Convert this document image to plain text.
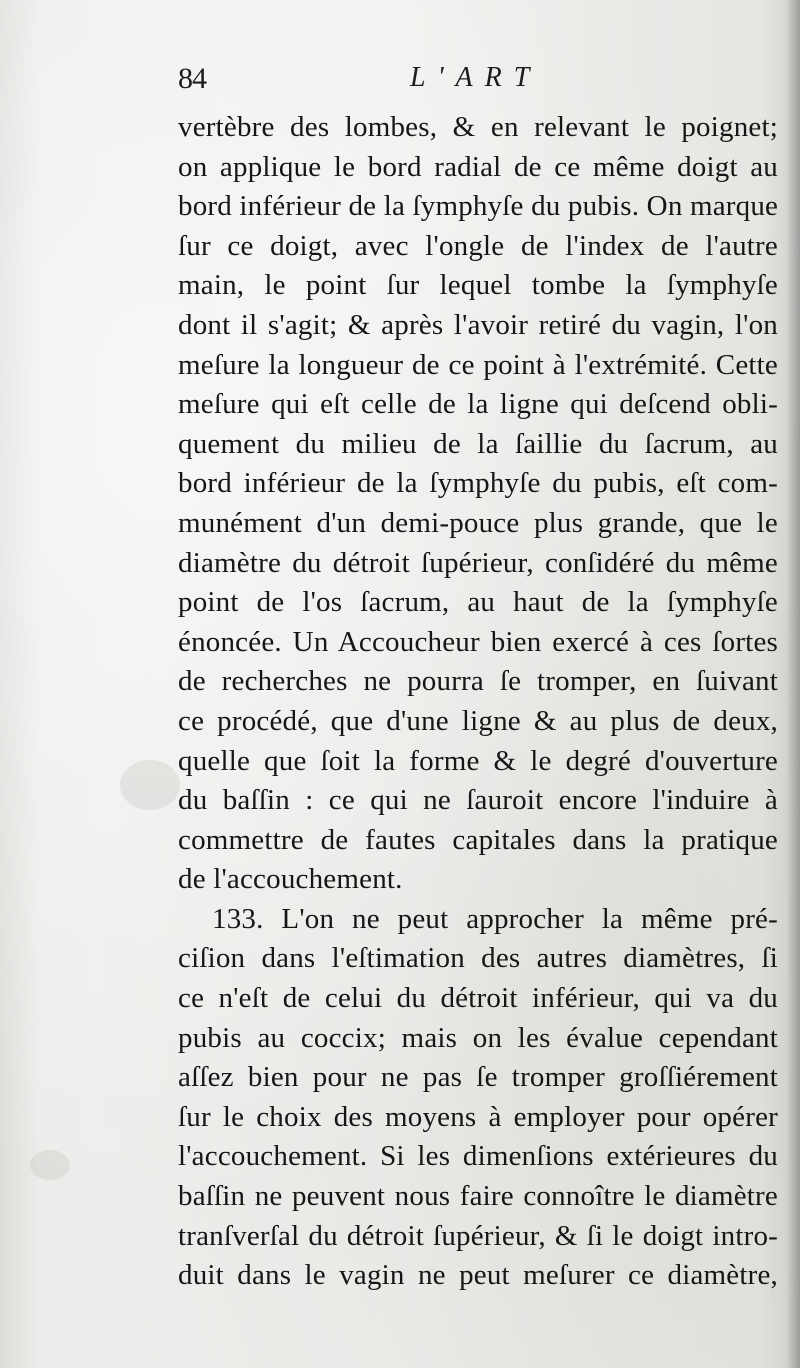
84	L'ART
vertèbre des lombes, & en relevant le poignet;
on applique le bord radial de ce même doigt au
bord inférieur de la ſymphyſe du pubis. On marque
ſur ce doigt, avec l'ongle de l'index de l'autre
main, le point ſur lequel tombe la ſymphyſe
dont il s'agit; & après l'avoir retiré du vagin, l'on
meſure la longueur de ce point à l'extrémité. Cette
meſure qui eſt celle de la ligne qui deſcend obli-
quement du milieu de la ſaillie du ſacrum, au
bord inférieur de la ſymphyſe du pubis, eſt com-
munément d'un demi-pouce plus grande, que le
diamètre du détroit ſupérieur, conſidéré du même
point de l'os ſacrum, au haut de la ſymphyſe
énoncée. Un Accoucheur bien exercé à ces ſortes
de recherches ne pourra ſe tromper, en ſuivant
ce procédé, que d'une ligne & au plus de deux,
quelle que ſoit la forme & le degré d'ouverture
du baſſin : ce qui ne ſauroit encore l'induire à
commettre de fautes capitales dans la pratique
de l'accouchement.
133. L'on ne peut approcher la même pré-
ciſion dans l'eſtimation des autres diamètres, ſi
ce n'eſt de celui du détroit inférieur, qui va du
pubis au coccix; mais on les évalue cependant
aſſez bien pour ne pas ſe tromper groſſiérement
ſur le choix des moyens à employer pour opérer
l'accouchement. Si les dimenſions extérieures du
baſſin ne peuvent nous faire connoître le diamètre
tranſverſal du détroit ſupérieur, & ſi le doigt intro-
duit dans le vagin ne peut meſurer ce diamètre,
